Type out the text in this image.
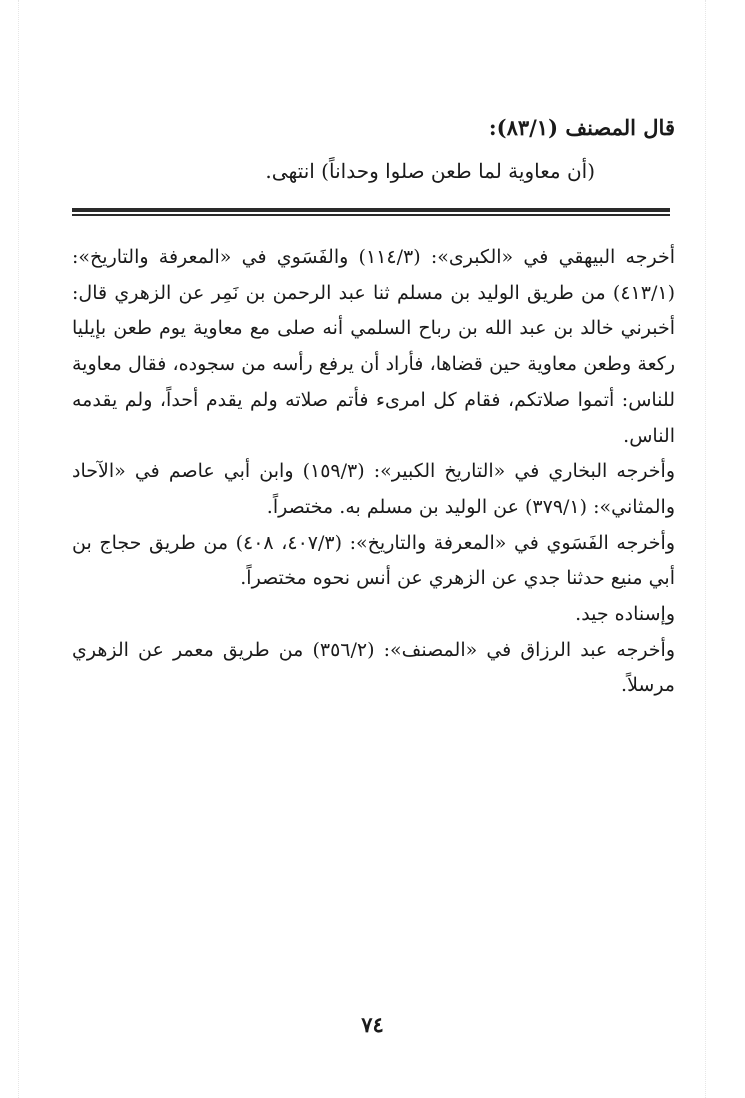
قال المصنف (٨٣/١):
(أن معاوية لما طعن صلوا وحداناً) انتهى.

أخرجه البيهقي في «الكبرى»: (١١٤/٣) والفَسَوي في «المعرفة والتاريخ»: (٤١٣/١) من طريق الوليد بن مسلم ثنا عبد الرحمن بن نَمِر عن الزهري قال: أخبرني خالد بن عبد الله بن رباح السلمي أنه صلى مع معاوية يوم طعن بإيليا ركعة وطعن معاوية حين قضاها، فأراد أن يرفع رأسه من سجوده، فقال معاوية للناس: أتموا صلاتكم، فقام كل امرىء فأتم صلاته ولم يقدم أحداً، ولم يقدمه الناس.

وأخرجه البخاري في «التاريخ الكبير»: (١٥٩/٣) وابن أبي عاصم في «الآحاد والمثاني»: (٣٧٩/١) عن الوليد بن مسلم به. مختصراً.

وأخرجه الفَسَوي في «المعرفة والتاريخ»: (٤٠٧/٣، ٤٠٨) من طريق حجاج بن أبي منيع حدثنا جدي عن الزهري عن أنس نحوه مختصراً.

وإسناده جيد.

وأخرجه عبد الرزاق في «المصنف»: (٣٥٦/٢) من طريق معمر عن الزهري مرسلاً.

٧٤
